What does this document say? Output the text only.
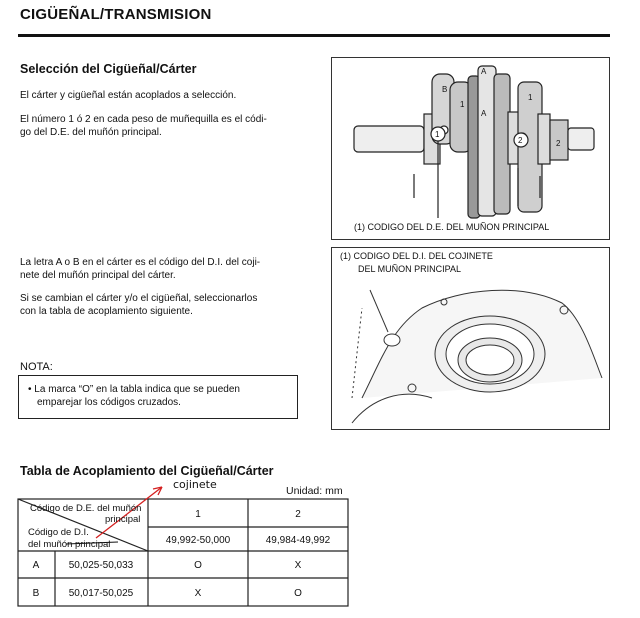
CIGÜEÑAL/TRANSMISION
Selección del Cigüeñal/Cárter
El cárter y cigüeñal están acoplados a selección.
El número 1 ó 2 en cada peso de muñequilla es el códi-
go del D.E. del muñón principal.
La letra A o B en el cárter es el código del D.I. del coji-
nete del muñón principal del cárter.
Si se cambian el cárter y/o el cigüeñal, seleccionarlos
con la tabla de acoplamiento siguiente.
NOTA:
• La marca “O” en la tabla indica que se pueden
emparejar los códigos cruzados.
B
A
A
1
2
1
1
2
(1) CODIGO DEL D.E. DEL MUÑON PRINCIPAL
(1) CODIGO DEL D.I. DEL COJINETE
DEL MUÑON PRINCIPAL
Tabla de Acoplamiento del Cigüeñal/Cárter
Unidad: mm
cojinete
Código de D.E. del muñón
principal
Código de D.I.
del muñón principal
1	2
49,992-50,000	49,984-49,992
A	50,025-50,033	O	X
B	50,017-50,025	X	O
